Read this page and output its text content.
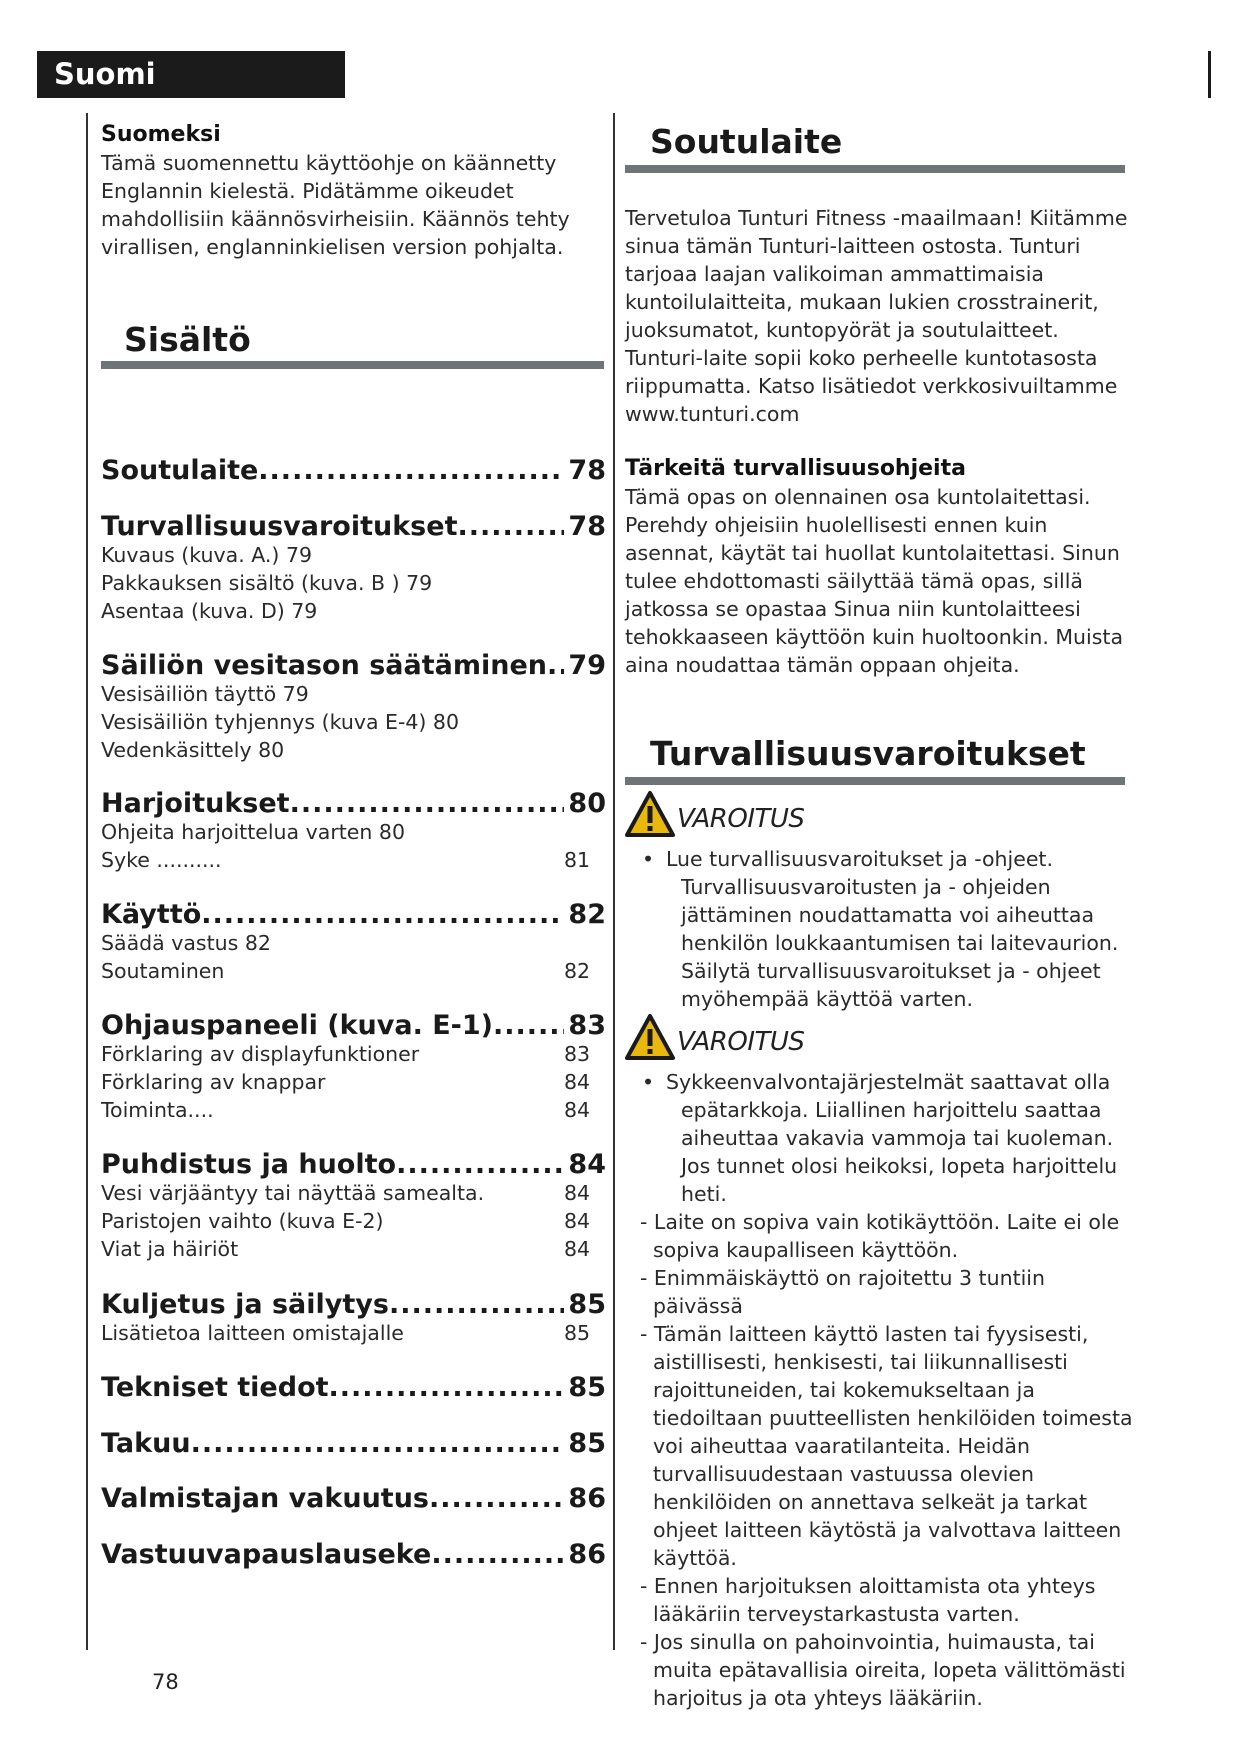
Suomi
Suomeksi
Tämä suomennettu käyttöohje on käännetty Englannin kielestä. Pidätämme oikeudet mahdollisiin käännösvirheisiin. Käännös tehty virallisen, englanninkielisen version pohjalta.
Sisältö
Soutulaite .....	78
Turvallisuusvaroitukset .....	78
Kuvaus (kuva. A.) 79
Pakkauksen sisältö (kuva. B ) 79
Asentaa (kuva. D) 79
Säiliön vesitason säätäminen ..... 79
Vesisäiliön täyttö 79
Vesisäiliön tyhjennys (kuva E-4) 80
Vedenkäsittely 80
Harjoitukset .....	80
Ohjeita harjoittelua varten 80
Syke ..........	81
Käyttö .....	82
Säädä vastus 82
Soutaminen	82
Ohjauspaneeli (kuva. E-1) .....	83
Förklaring av displayfunktioner	83
Förklaring av knappar	84
Toiminta....	84
Puhdistus ja huolto .....	84
Vesi värjääntyy tai näyttää samealta.	84
Paristojen vaihto (kuva E-2)	84
Viat ja häiriöt	84
Kuljetus ja säilytys .....	85
Lisätietoa laitteen omistajalle	85
Tekniset tiedot .....	85
Takuu .....	85
Valmistajan vakuutus .....	86
Vastuuvapauslauseke .....	86
Soutulaite
Tervetuloa Tunturi Fitness -maailmaan! Kiitämme sinua tämän Tunturi-laitteen ostosta. Tunturi tarjoaa laajan valikoiman ammattimaisia kuntoilulaitteita, mukaan lukien crosstrainerit, juoksumatot, kuntopyörät ja soutulaitteet. Tunturi-laite sopii koko perheelle kuntotasosta riippumatta. Katso lisätiedot verkkosivuiltamme www.tunturi.com
Tärkeitä turvallisuusohjeita
Tämä opas on olennainen osa kuntolaitettasi. Perehdy ohjeisiin huolellisesti ennen kuin asennat, käytät tai huollat kuntolaitettasi. Sinun tulee ehdottomasti säilyttää tämä opas, sillä jatkossa se opastaa Sinua niin kuntolaitteesi tehokkaaseen käyttöön kuin huoltoonkin. Muista aina noudattaa tämän oppaan ohjeita.
Turvallisuusvaroitukset
VAROITUS
• Lue turvallisuusvaroitukset ja -ohjeet.
Turvallisuusvaroitusten ja - ohjeiden jättäminen noudattamatta voi aiheuttaa henkilön loukkaantumisen tai laitevaurion. Säilytä turvallisuusvaroitukset ja - ohjeet myöhempää käyttöä varten.
VAROITUS
• Sykkeenvalvontajärjestelmät saattavat olla
epätarkkoja. Liiallinen harjoittelu saattaa aiheuttaa vakavia vammoja tai kuoleman. Jos tunnet olosi heikoksi, lopeta harjoittelu heti.
- Laite on sopiva vain kotikäyttöön. Laite ei ole sopiva kaupalliseen käyttöön.
- Enimmäiskäyttö on rajoitettu 3 tuntiin päivässä
- Tämän laitteen käyttö lasten tai fyysisesti, aistillisesti, henkisesti, tai liikunnallisesti rajoittuneiden, tai kokemukseltaan ja tiedoiltaan puutteellisten henkilöiden toimesta voi aiheuttaa vaaratilanteita. Heidän turvallisuudestaan vastuussa olevien henkilöiden on annettava selkeät ja tarkat ohjeet laitteen käytöstä ja valvottava laitteen käyttöä.
- Ennen harjoituksen aloittamista ota yhteys lääkäriin terveystarkastusta varten.
- Jos sinulla on pahoinvointia, huimausta, tai muita epätavallisia oireita, lopeta välittömästi harjoitus ja ota yhteys lääkäriin.
78
